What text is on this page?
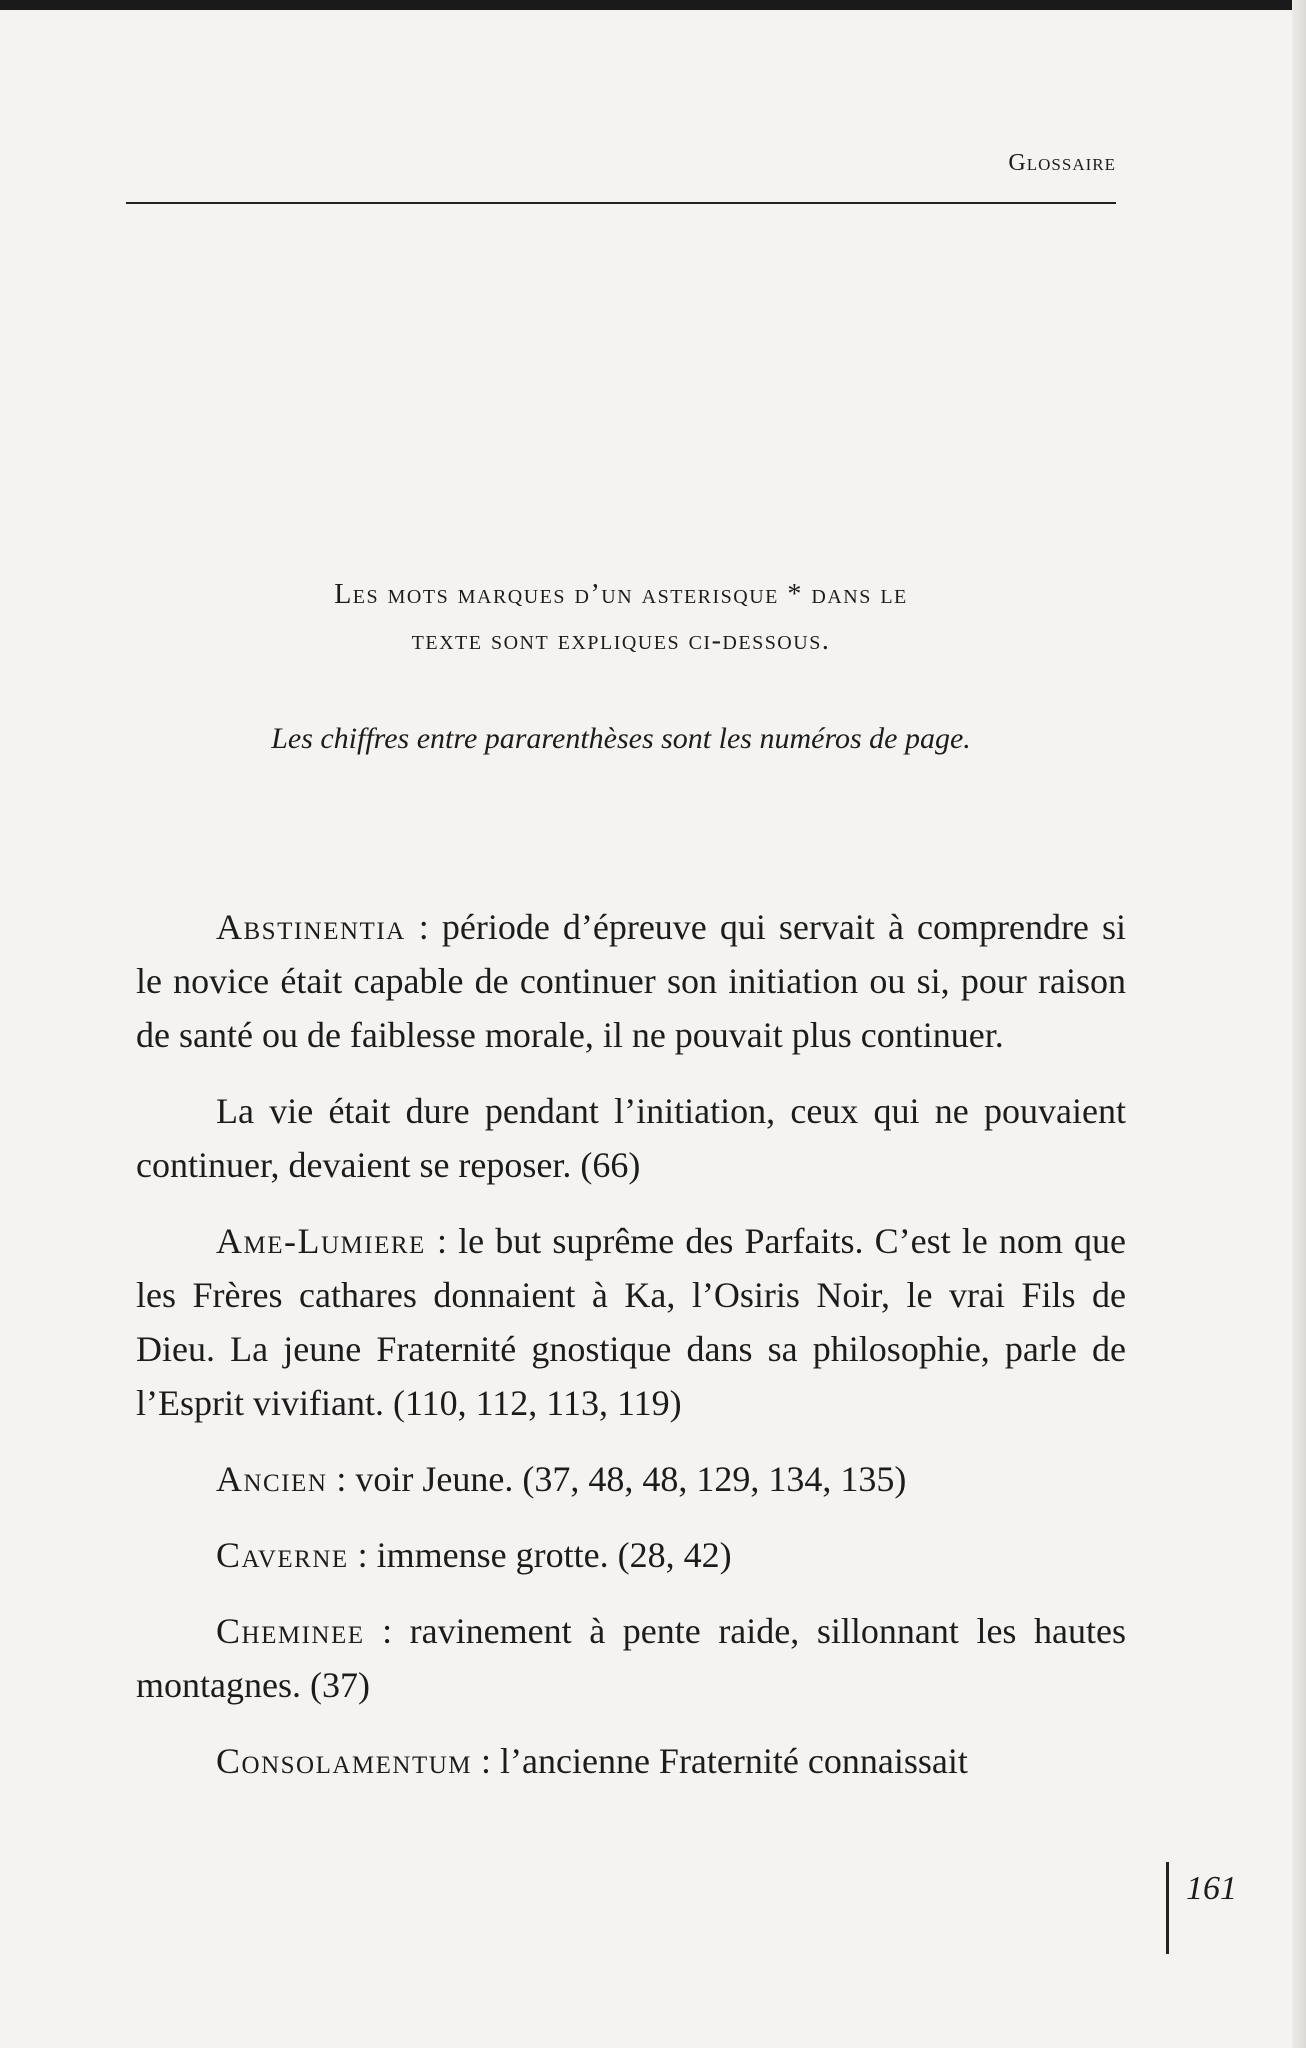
Glossaire

Les mots marques d’un asterisque * dans le

texte sont expliques ci-dessous.

Les chiffres entre pararenthèses sont les numéros de page.

Abstinentia : période d’épreuve qui servait à comprendre si le novice était capable de continuer son initiation ou si, pour raison de santé ou de faiblesse morale, il ne pouvait plus continuer.

La vie était dure pendant l’initiation, ceux qui ne pouvaient continuer, devaient se reposer. (66)

Ame-Lumiere : le but suprême des Parfaits. C’est le nom que les Frères cathares donnaient à Ka, l’Osiris Noir, le vrai Fils de Dieu. La jeune Fraternité gnostique dans sa philosophie, parle de l’Esprit vivifiant. (110, 112, 113, 119)

Ancien : voir Jeune. (37, 48, 48, 129, 134, 135)

Caverne : immense grotte. (28, 42)

Cheminee : ravinement à pente raide, sillonnant les hautes montagnes. (37)

Consolamentum : l’ancienne Fraternité connaissait

161
